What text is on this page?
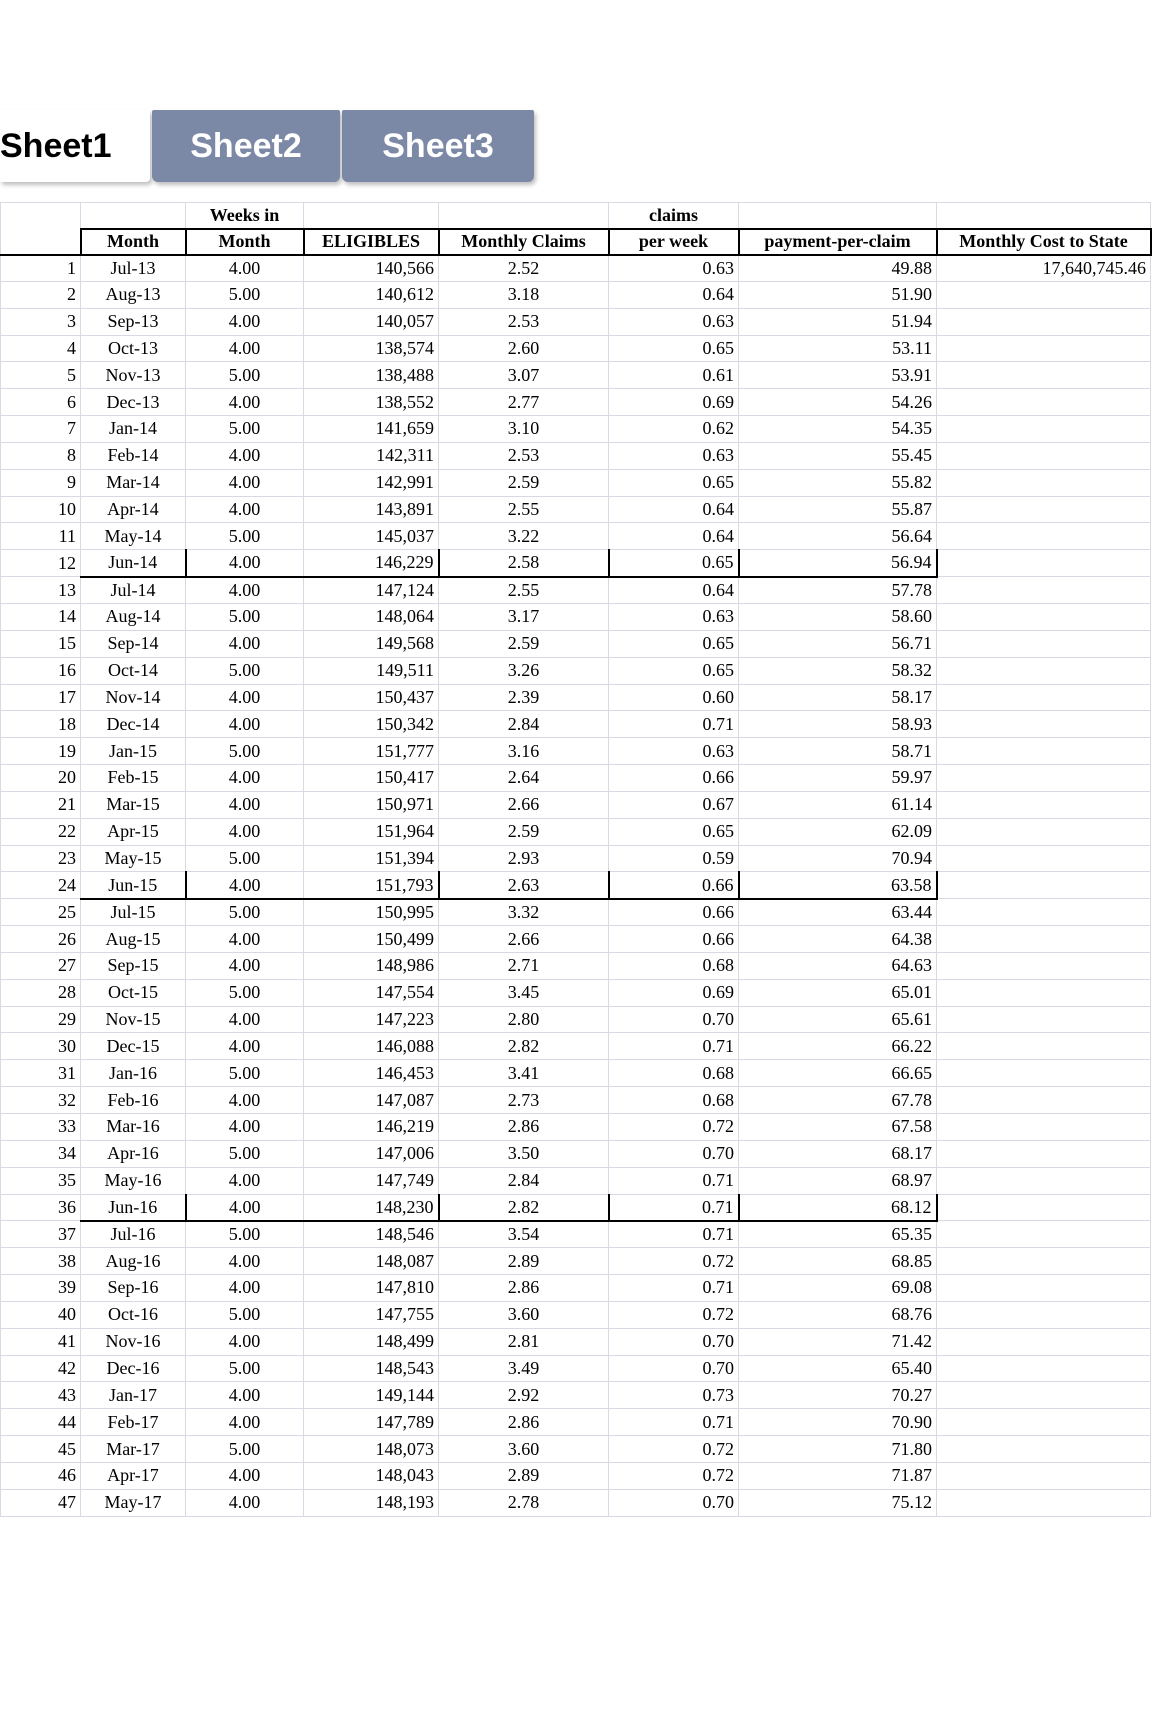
Sheet1	Sheet2	Sheet3
		Weeks in			claims		
	Month	Month	ELIGIBLES	Monthly Claims	per week	payment-per-claim	Monthly Cost to State
1	Jul-13	4.00	140,566	2.52	0.63	49.88	17,640,745.46
2	Aug-13	5.00	140,612	3.18	0.64	51.90	
3	Sep-13	4.00	140,057	2.53	0.63	51.94	
4	Oct-13	4.00	138,574	2.60	0.65	53.11	
5	Nov-13	5.00	138,488	3.07	0.61	53.91	
6	Dec-13	4.00	138,552	2.77	0.69	54.26	
7	Jan-14	5.00	141,659	3.10	0.62	54.35	
8	Feb-14	4.00	142,311	2.53	0.63	55.45	
9	Mar-14	4.00	142,991	2.59	0.65	55.82	
10	Apr-14	4.00	143,891	2.55	0.64	55.87	
11	May-14	5.00	145,037	3.22	0.64	56.64	
12	Jun-14	4.00	146,229	2.58	0.65	56.94	
13	Jul-14	4.00	147,124	2.55	0.64	57.78	
14	Aug-14	5.00	148,064	3.17	0.63	58.60	
15	Sep-14	4.00	149,568	2.59	0.65	56.71	
16	Oct-14	5.00	149,511	3.26	0.65	58.32	
17	Nov-14	4.00	150,437	2.39	0.60	58.17	
18	Dec-14	4.00	150,342	2.84	0.71	58.93	
19	Jan-15	5.00	151,777	3.16	0.63	58.71	
20	Feb-15	4.00	150,417	2.64	0.66	59.97	
21	Mar-15	4.00	150,971	2.66	0.67	61.14	
22	Apr-15	4.00	151,964	2.59	0.65	62.09	
23	May-15	5.00	151,394	2.93	0.59	70.94	
24	Jun-15	4.00	151,793	2.63	0.66	63.58	
25	Jul-15	5.00	150,995	3.32	0.66	63.44	
26	Aug-15	4.00	150,499	2.66	0.66	64.38	
27	Sep-15	4.00	148,986	2.71	0.68	64.63	
28	Oct-15	5.00	147,554	3.45	0.69	65.01	
29	Nov-15	4.00	147,223	2.80	0.70	65.61	
30	Dec-15	4.00	146,088	2.82	0.71	66.22	
31	Jan-16	5.00	146,453	3.41	0.68	66.65	
32	Feb-16	4.00	147,087	2.73	0.68	67.78	
33	Mar-16	4.00	146,219	2.86	0.72	67.58	
34	Apr-16	5.00	147,006	3.50	0.70	68.17	
35	May-16	4.00	147,749	2.84	0.71	68.97	
36	Jun-16	4.00	148,230	2.82	0.71	68.12	
37	Jul-16	5.00	148,546	3.54	0.71	65.35	
38	Aug-16	4.00	148,087	2.89	0.72	68.85	
39	Sep-16	4.00	147,810	2.86	0.71	69.08	
40	Oct-16	5.00	147,755	3.60	0.72	68.76	
41	Nov-16	4.00	148,499	2.81	0.70	71.42	
42	Dec-16	5.00	148,543	3.49	0.70	65.40	
43	Jan-17	4.00	149,144	2.92	0.73	70.27	
44	Feb-17	4.00	147,789	2.86	0.71	70.90	
45	Mar-17	5.00	148,073	3.60	0.72	71.80	
46	Apr-17	4.00	148,043	2.89	0.72	71.87	
47	May-17	4.00	148,193	2.78	0.70	75.12	
